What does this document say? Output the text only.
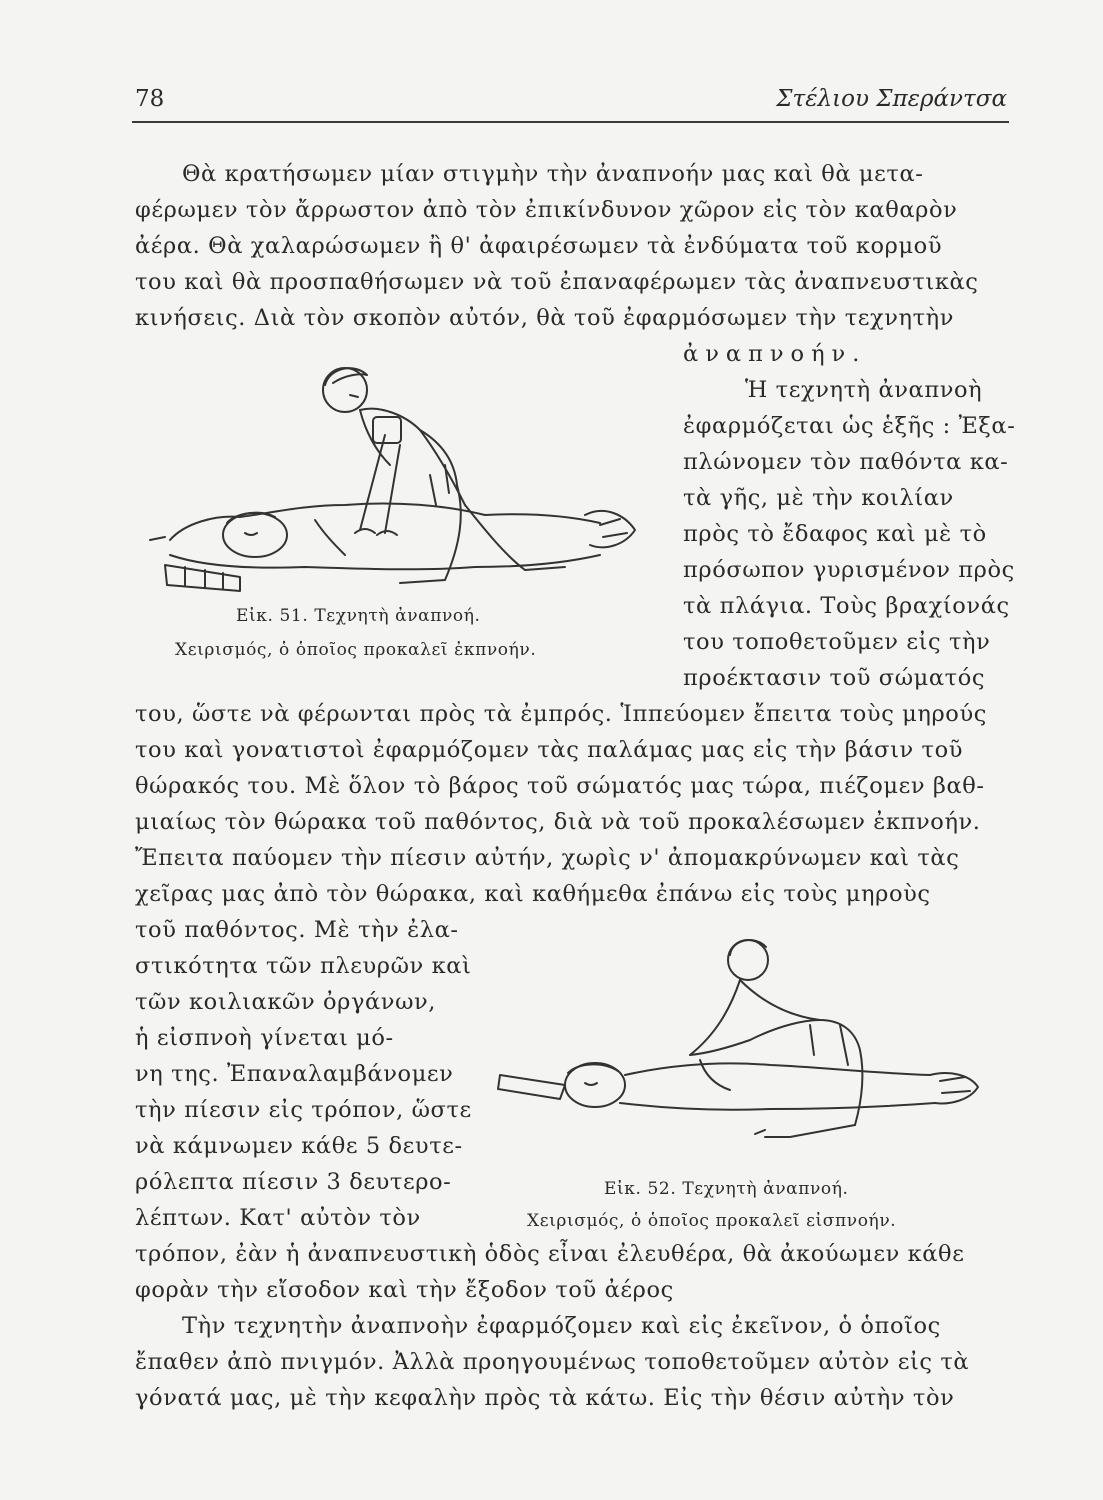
78	Στέλιου Σπεράντσα
Θὰ κρατήσωμεν μίαν στιγμὴν τὴν ἀναπνοήν μας καὶ θὰ μετα-
φέρωμεν τὸν ἄρρωστον ἀπὸ τὸν ἐπικίνδυνον χῶρον εἰς τὸν καθαρὸν
ἀέρα. Θὰ χαλαρώσωμεν ἢ θ' ἀφαιρέσωμεν τὰ ἐνδύματα τοῦ κορμοῦ
του καὶ θὰ προσπαθήσωμεν νὰ τοῦ ἐπαναφέρωμεν τὰς ἀναπνευστικὰς
κινήσεις. Διὰ τὸν σκοπὸν αὐτόν, θὰ τοῦ ἐφαρμόσωμεν τὴν τεχνητὴν
ἀναπνοήν.
Ἡ τεχνητὴ ἀναπνοὴ
ἐφαρμόζεται ὡς ἑξῆς : Ἐξα-
πλώνομεν τὸν παθόντα κα-
τὰ γῆς, μὲ τὴν κοιλίαν
πρὸς τὸ ἔδαφος καὶ μὲ τὸ
πρόσωπον γυρισμένον πρὸς
τὰ πλάγια. Τοὺς βραχίονάς
του τοποθετοῦμεν εἰς τὴν
προέκτασιν τοῦ σώματός
του, ὥστε νὰ φέρωνται πρὸς τὰ ἐμπρός. Ἱππεύομεν ἔπειτα τοὺς μηρούς
του καὶ γονατιστοὶ ἐφαρμόζομεν τὰς παλάμας μας εἰς τὴν βάσιν τοῦ
θώρακός του. Μὲ ὅλον τὸ βάρος τοῦ σώματός μας τώρα, πιέζομεν βαθ-
μιαίως τὸν θώρακα τοῦ παθόντος, διὰ νὰ τοῦ προκαλέσωμεν ἐκπνοήν.
Ἔπειτα παύομεν τὴν πίεσιν αὐτήν, χωρὶς ν' ἀπομακρύνωμεν καὶ τὰς
χεῖρας μας ἀπὸ τὸν θώρακα, καὶ καθήμεθα ἐπάνω εἰς τοὺς μηροὺς
τοῦ παθόντος. Μὲ τὴν ἐλα-
στικότητα τῶν πλευρῶν καὶ
τῶν κοιλιακῶν ὀργάνων,
ἡ εἰσπνοὴ γίνεται μό-
νη της. Ἐπαναλαμβάνομεν
τὴν πίεσιν εἰς τρόπον, ὥστε
νὰ κάμνωμεν κάθε 5 δευτε-
ρόλεπτα πίεσιν 3 δευτερο-
λέπτων. Κατ' αὐτὸν τὸν
τρόπον, ἐὰν ἡ ἀναπνευστικὴ ὁδὸς εἶναι ἐλευθέρα, θὰ ἀκούωμεν κάθε
φορὰν τὴν εἴσοδον καὶ τὴν ἔξοδον τοῦ ἀέρος
Τὴν τεχνητὴν ἀναπνοὴν ἐφαρμόζομεν καὶ εἰς ἐκεῖνον, ὁ ὁποῖος
ἔπαθεν ἀπὸ πνιγμόν. Ἀλλὰ προηγουμένως τοποθετοῦμεν αὐτὸν εἰς τὰ
γόνατά μας, μὲ τὴν κεφαλὴν πρὸς τὰ κάτω. Εἰς τὴν θέσιν αὐτὴν τὸν
Εἰκ. 51. Τεχνητὴ ἀναπνοή.
Χειρισμός, ὁ ὁποῖος προκαλεῖ ἐκπνοήν.
Εἰκ. 52. Τεχνητὴ ἀναπνοή.
Χειρισμός, ὁ ὁποῖος προκαλεῖ εἰσπνοήν.
